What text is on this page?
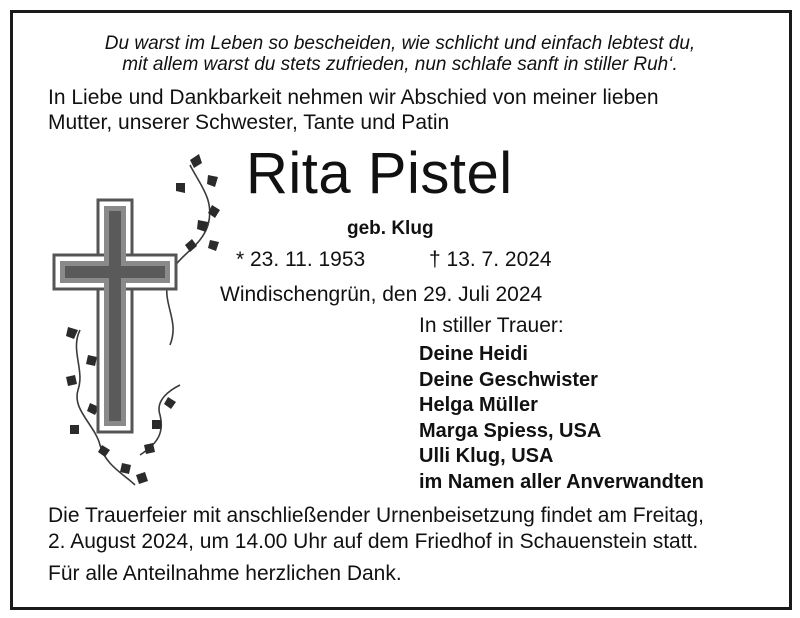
Du warst im Leben so bescheiden, wie schlicht und einfach lebtest du,
mit allem warst du stets zufrieden, nun schlafe sanft in stiller Ruh‘.
In Liebe und Dankbarkeit nehmen wir Abschied von meiner lieben
Mutter, unserer Schwester, Tante und Patin
Rita Pistel
geb. Klug
* 23. 11. 1953	† 13. 7. 2024
Windischengrün, den 29. Juli 2024
In stiller Trauer:
Deine Heidi
Deine Geschwister
Helga Müller
Marga Spiess, USA
Ulli Klug, USA
im Namen aller Anverwandten
Die Trauerfeier mit anschließender Urnenbeisetzung findet am Freitag,
2. August 2024, um 14.00 Uhr auf dem Friedhof in Schauenstein statt.
Für alle Anteilnahme herzlichen Dank.
